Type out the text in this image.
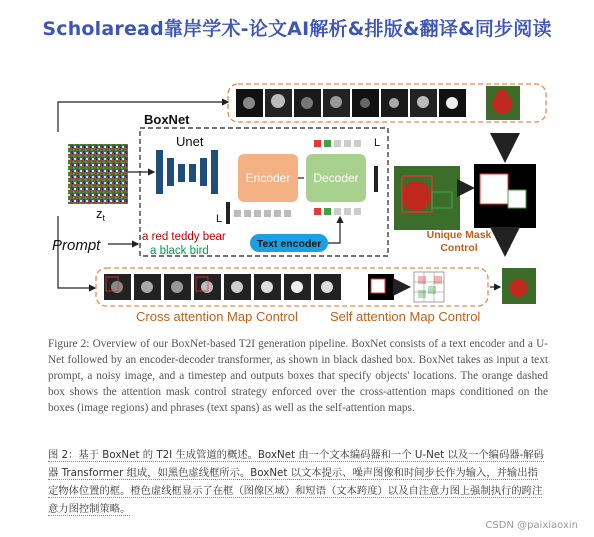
Scholaread靠岸学术-论文AI解析&排版&翻译&同步阅读
BoxNet
$z_t$
Unet
L
Encoder Decoder
L
Prompt	a red teddy bear
a black bird
Text encoder
Unique Mask
Control
Cross attention Map Control Self attention Map Control
Figure 2: Overview of our BoxNet-based T2I generation pipeline. BoxNet consists of a text encoder and a U-Net followed by an encoder-decoder transformer, as shown in black dashed box. BoxNet takes as input a text prompt, a noisy image, and a timestep and outputs boxes that specify objects' locations. The orange dashed box shows the attention mask control strategy enforced over the cross-attention maps conditioned on the boxes (image regions) and phrases (text spans) as well as the self-attention maps.
图 2：基于 BoxNet 的 T2I 生成管道的概述。BoxNet 由一个文本编码器和一个 U-Net 以及一个编码器-解码器 Transformer 组成，如黑色虚线框所示。BoxNet 以文本提示、噪声图像和时间步长作为输入，并输出指定物体位置的框。橙色虚线框显示了在框（图像区域）和短语（文本跨度）以及自注意力图上强制执行的跨注意力图控制策略。
CSDN @paixiaoxin
